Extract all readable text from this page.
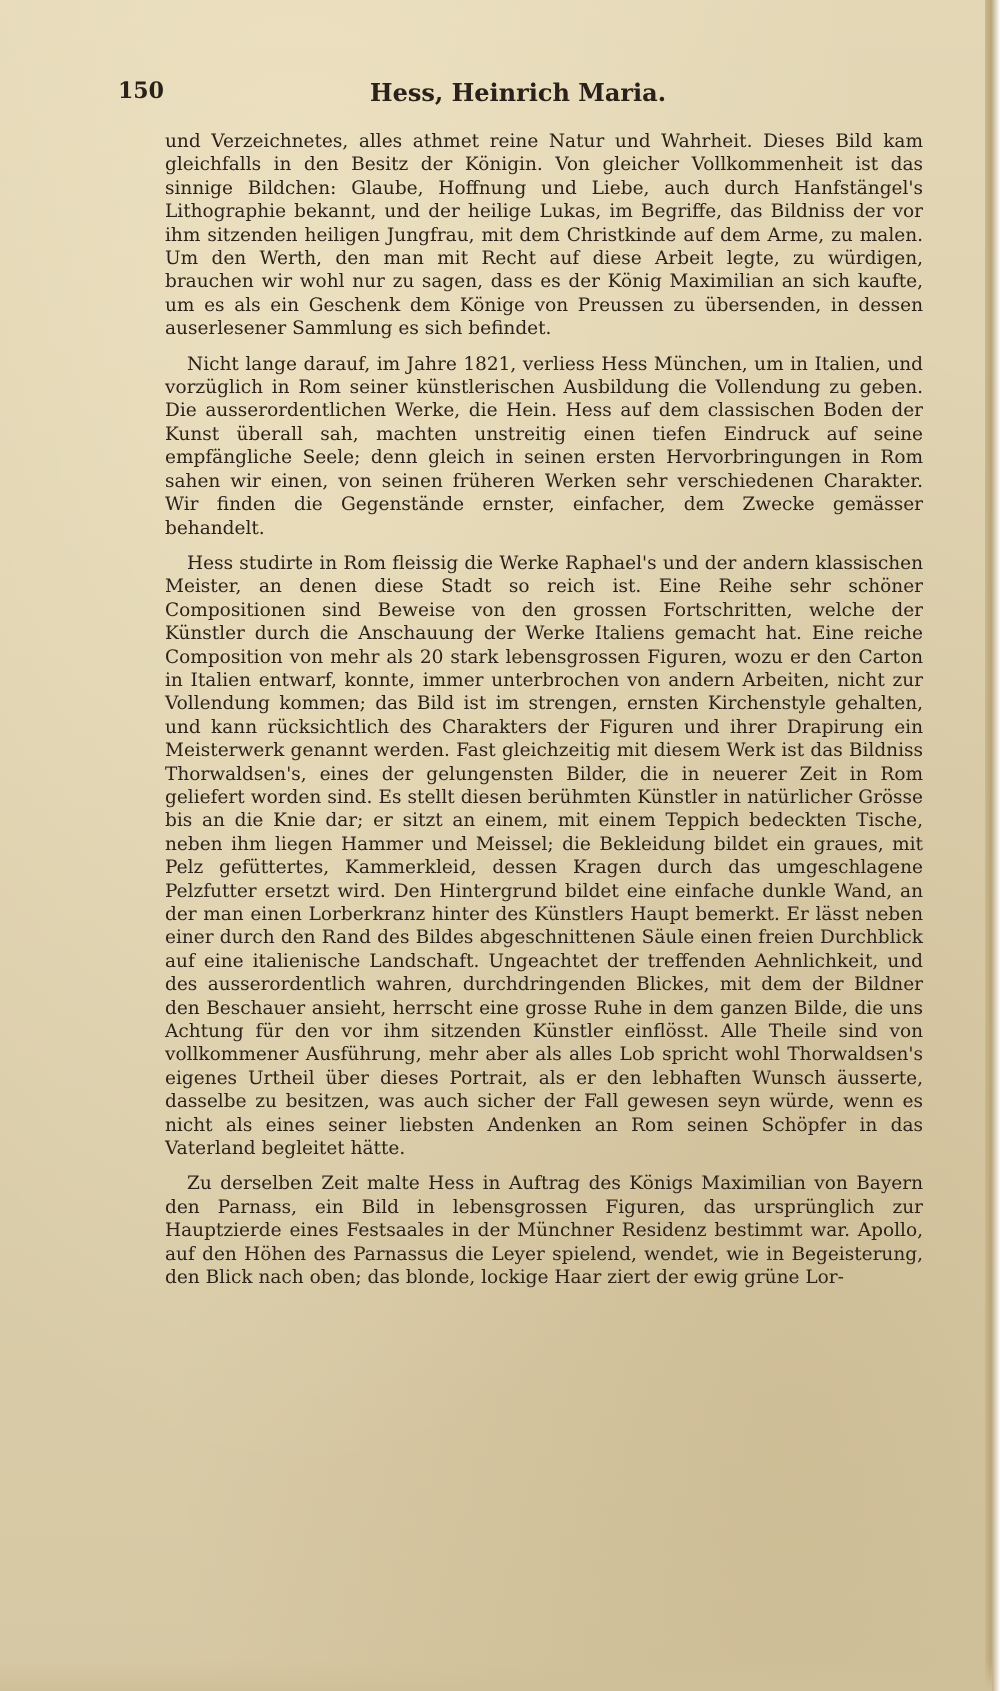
150	Hess, Heinrich Maria.

und Verzeichnetes, alles athmet reine Natur und Wahrheit. Dieses Bild kam gleichfalls in den Besitz der Königin. Von gleicher Vollkommenheit ist das sinnige Bildchen: Glaube, Hoffnung und Liebe, auch durch Hanfstängel's Lithographie bekannt, und der heilige Lukas, im Begriffe, das Bildniss der vor ihm sitzenden heiligen Jungfrau, mit dem Christkinde auf dem Arme, zu malen. Um den Werth, den man mit Recht auf diese Arbeit legte, zu würdigen, brauchen wir wohl nur zu sagen, dass es der König Maximilian an sich kaufte, um es als ein Geschenk dem Könige von Preussen zu übersenden, in dessen auserlesener Sammlung es sich befindet.

Nicht lange darauf, im Jahre 1821, verliess Hess München, um in Italien, und vorzüglich in Rom seiner künstlerischen Ausbildung die Vollendung zu geben. Die ausserordentlichen Werke, die Hein. Hess auf dem classischen Boden der Kunst überall sah, machten unstreitig einen tiefen Eindruck auf seine empfängliche Seele; denn gleich in seinen ersten Hervorbringungen in Rom sahen wir einen, von seinen früheren Werken sehr verschiedenen Charakter. Wir finden die Gegenstände ernster, einfacher, dem Zwecke gemässer behandelt.

Hess studirte in Rom fleissig die Werke Raphael's und der andern klassischen Meister, an denen diese Stadt so reich ist. Eine Reihe sehr schöner Compositionen sind Beweise von den grossen Fortschritten, welche der Künstler durch die Anschauung der Werke Italiens gemacht hat. Eine reiche Composition von mehr als 20 stark lebensgrossen Figuren, wozu er den Carton in Italien entwarf, konnte, immer unterbrochen von andern Arbeiten, nicht zur Vollendung kommen; das Bild ist im strengen, ernsten Kirchenstyle gehalten, und kann rücksichtlich des Charakters der Figuren und ihrer Drapirung ein Meisterwerk genannt werden. Fast gleichzeitig mit diesem Werk ist das Bildniss Thorwaldsen's, eines der gelungensten Bilder, die in neuerer Zeit in Rom geliefert worden sind. Es stellt diesen berühmten Künstler in natürlicher Grösse bis an die Knie dar; er sitzt an einem, mit einem Teppich bedeckten Tische, neben ihm liegen Hammer und Meissel; die Bekleidung bildet ein graues, mit Pelz gefüttertes, Kammerkleid, dessen Kragen durch das umgeschlagene Pelzfutter ersetzt wird. Den Hintergrund bildet eine einfache dunkle Wand, an der man einen Lorberkranz hinter des Künstlers Haupt bemerkt. Er lässt neben einer durch den Rand des Bildes abgeschnittenen Säule einen freien Durchblick auf eine italienische Landschaft. Ungeachtet der treffenden Aehnlichkeit, und des ausserordentlich wahren, durchdringenden Blickes, mit dem der Bildner den Beschauer ansieht, herrscht eine grosse Ruhe in dem ganzen Bilde, die uns Achtung für den vor ihm sitzenden Künstler einflösst. Alle Theile sind von vollkommener Ausführung, mehr aber als alles Lob spricht wohl Thorwaldsen's eigenes Urtheil über dieses Portrait, als er den lebhaften Wunsch äusserte, dasselbe zu besitzen, was auch sicher der Fall gewesen seyn würde, wenn es nicht als eines seiner liebsten Andenken an Rom seinen Schöpfer in das Vaterland begleitet hätte.

Zu derselben Zeit malte Hess in Auftrag des Königs Maximilian von Bayern den Parnass, ein Bild in lebensgrossen Figuren, das ursprünglich zur Hauptzierde eines Festsaales in der Münchner Residenz bestimmt war. Apollo, auf den Höhen des Parnassus die Leyer spielend, wendet, wie in Begeisterung, den Blick nach oben; das blonde, lockige Haar ziert der ewig grüne Lor-
